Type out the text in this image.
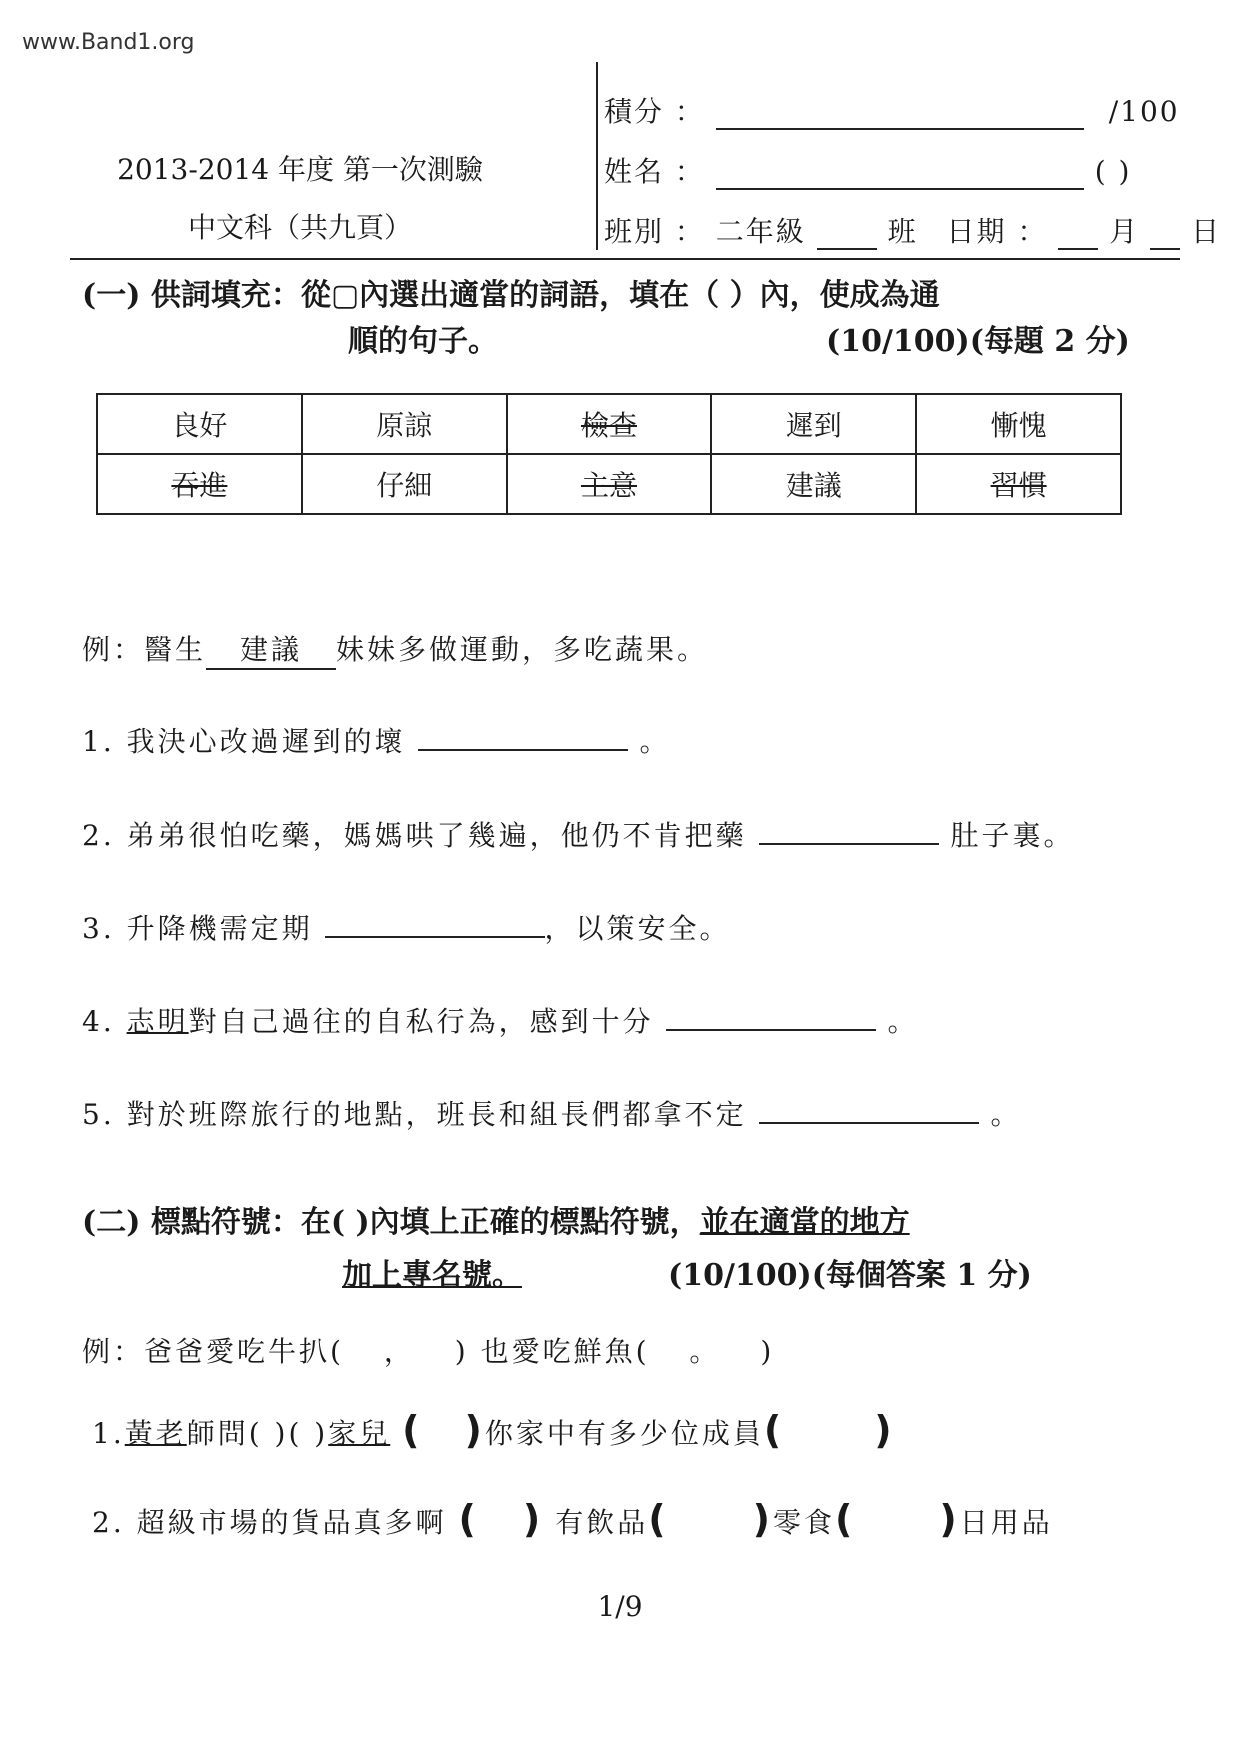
www.Band1.org
2013-2014 年度 第一次測驗
中文科（共九頁）
積分 ：	/100
姓名 ：	( )
班別 ： 二年級	班 日期 ： 月 日
(一) 供詞填充：從▢內選出適當的詞語，填在（ ）內，使成為通
順的句子。	(10/100)(每題 2 分)
良好	原諒	檢查	遲到	慚愧
吞進	仔細	主意	建議	習慣
例：醫生 建議 妹妹多做運動，多吃蔬果。
1. 我決心改過遲到的壞	。
2. 弟弟很怕吃藥，媽媽哄了幾遍，他仍不肯把藥	肚子裏。
3. 升降機需定期	，以策安全。
4. 志明對自己過往的自私行為，感到十分	。
5. 對於班際旅行的地點，班長和組長們都拿不定	。
(二) 標點符號：在( )內填上正確的標點符號，並在適當的地方
加上專名號。	(10/100)(每個答案 1 分)
例：爸爸愛吃牛扒( ， ) 也愛吃鮮魚( 。 )
1.黃老師問( )( )家兒 ( )你家中有多少位成員( )
2. 超級市場的貨品真多啊 ( ) 有飲品( )零食( )日用品
1/9
